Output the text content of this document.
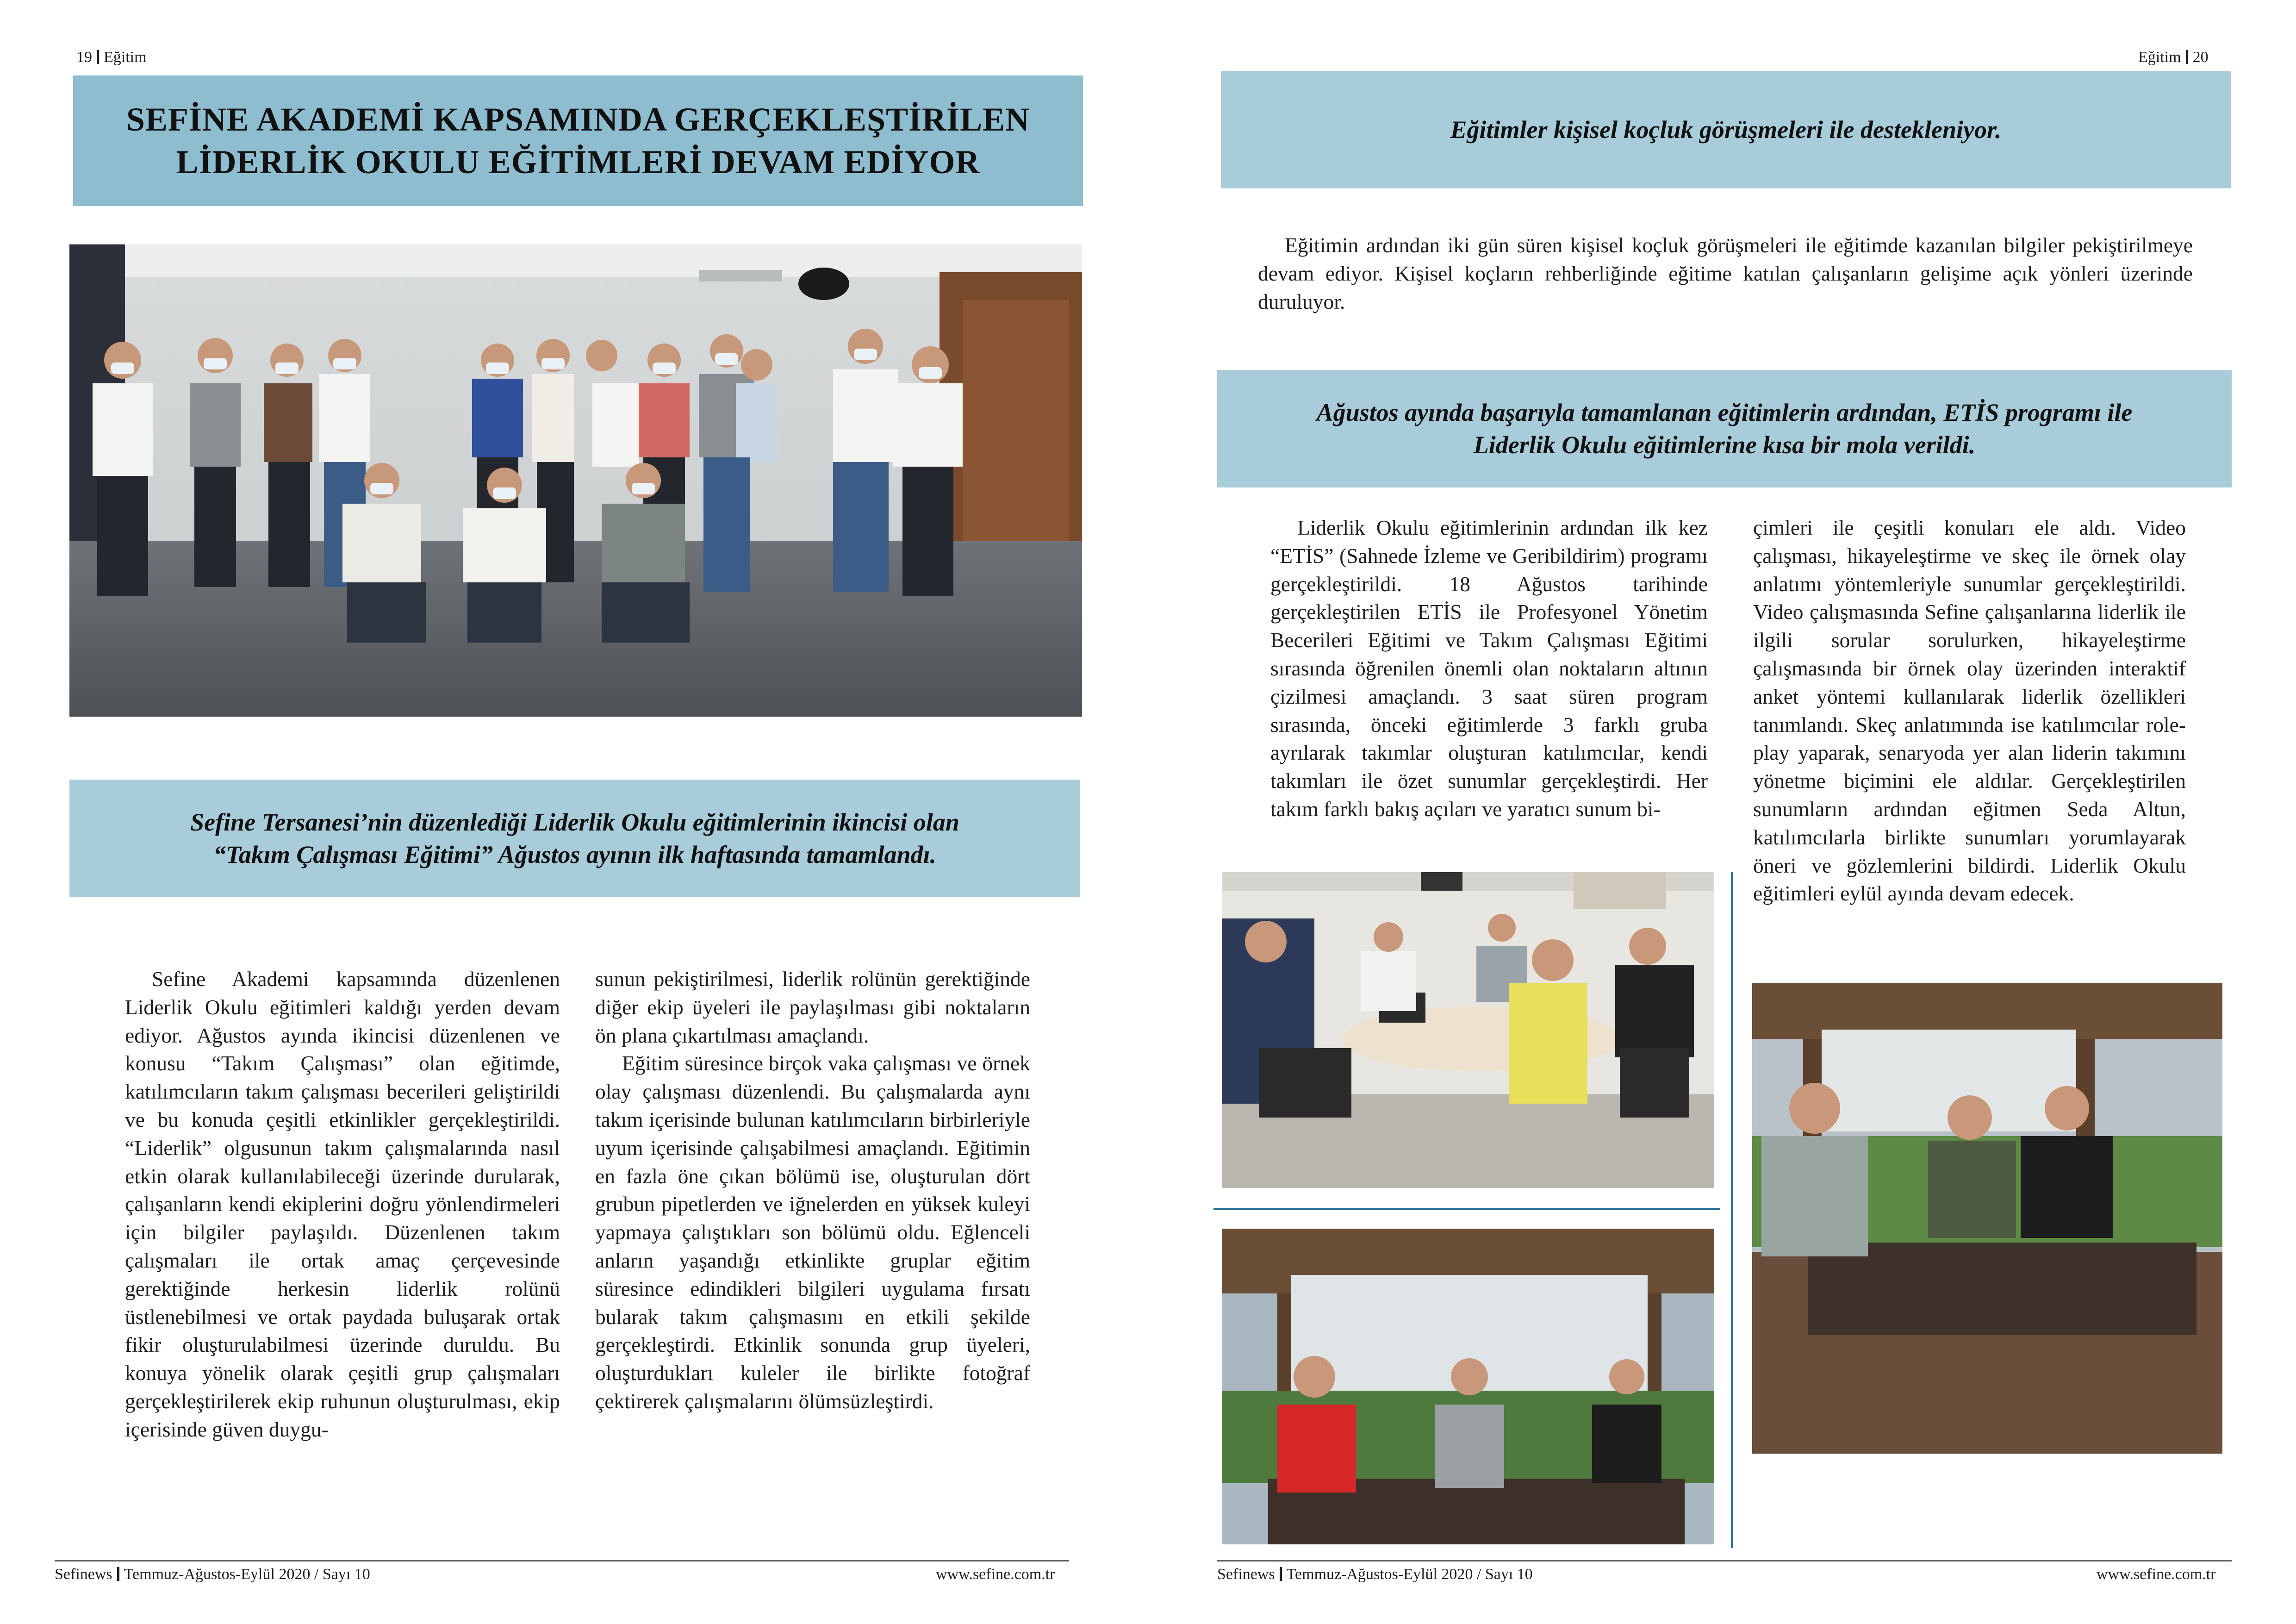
19 Eğitim
SEFİNE AKADEMİ KAPSAMINDA GERÇEKLEŞTİRİLEN
LİDERLİK OKULU EĞİTİMLERİ DEVAM EDİYOR
Sefine Tersanesi’nin düzenlediği Liderlik Okulu eğitimlerinin ikincisi olan
“Takım Çalışması Eğitimi” Ağustos ayının ilk haftasında tamamlandı.

Sefine Akademi kapsamında düzenlenen Liderlik Okulu eğitimleri kaldığı yerden devam ediyor. Ağustos ayında ikincisi düzenlenen ve konusu “Takım Çalışması” olan eğitimde, katılımcıların takım çalışması becerileri geliştirildi ve bu konuda çeşitli etkinlikler gerçekleştirildi. “Liderlik” olgusunun takım çalışmalarında nasıl etkin olarak kullanılabileceği üzerinde durularak, çalışanların kendi ekiplerini doğru yönlendirmeleri için bilgiler paylaşıldı. Düzenlenen takım çalışmaları ile ortak amaç çerçevesinde gerektiğinde herkesin liderlik rolünü üstlenebilmesi ve ortak paydada buluşarak ortak fikir oluşturulabilmesi üzerinde duruldu. Bu konuya yönelik olarak çeşitli grup çalışmaları gerçekleştirilerek ekip ruhunun oluşturulması, ekip içerisinde güven duygu-

sunun pekiştirilmesi, liderlik rolünün gerektiğinde diğer ekip üyeleri ile paylaşılması gibi noktaların ön plana çıkartılması amaçlandı.

Eğitim süresince birçok vaka çalışması ve örnek olay çalışması düzenlendi. Bu çalışmalarda aynı takım içerisinde bulunan katılımcıların birbirleriyle uyum içerisinde çalışabilmesi amaçlandı. Eğitimin en fazla öne çıkan bölümü ise, oluşturulan dört grubun pipetlerden ve iğnelerden en yüksek kuleyi yapmaya çalıştıkları son bölümü oldu. Eğlenceli anların yaşandığı etkinlikte gruplar eğitim süresince edindikleri bilgileri uygulama fırsatı bularak takım çalışmasını en etkili şekilde gerçekleştirdi. Etkinlik sonunda grup üyeleri, oluşturdukları kuleler ile birlikte fotoğraf çektirerek çalışmalarını ölümsüzleştirdi.

Sefinews Temmuz-Ağustos-Eylül 2020 / Sayı 10	www.sefine.com.tr
Eğitim 20
Eğitimler kişisel koçluk görüşmeleri ile destekleniyor.

Eğitimin ardından iki gün süren kişisel koçluk görüşmeleri ile eğitimde kazanılan bilgiler pekiştirilmeye devam ediyor. Kişisel koçların rehberliğinde eğitime katılan çalışanların gelişime açık yönleri üzerinde duruluyor.

Ağustos ayında başarıyla tamamlanan eğitimlerin ardından, ETİS programı ile
Liderlik Okulu eğitimlerine kısa bir mola verildi.

Liderlik Okulu eğitimlerinin ardından ilk kez “ETİS” (Sahnede İzleme ve Geribildirim) programı gerçekleştirildi. 18 Ağustos tarihinde gerçekleştirilen ETİS ile Profesyonel Yönetim Becerileri Eğitimi ve Takım Çalışması Eğitimi sırasında öğrenilen önemli olan noktaların altının çizilmesi amaçlandı. 3 saat süren program sırasında, önceki eğitimlerde 3 farklı gruba ayrılarak takımlar oluşturan katılımcılar, kendi takımları ile özet sunumlar gerçekleştirdi. Her takım farklı bakış açıları ve yaratıcı sunum bi-

çimleri ile çeşitli konuları ele aldı. Video çalışması, hikayeleştirme ve skeç ile örnek olay anlatımı yöntemleriyle sunumlar gerçekleştirildi. Video çalışmasında Sefine çalışanlarına liderlik ile ilgili sorular sorulurken, hikayeleştirme çalışmasında bir örnek olay üzerinden interaktif anket yöntemi kullanılarak liderlik özellikleri tanımlandı. Skeç anlatımında ise katılımcılar role-play yaparak, senaryoda yer alan liderin takımını yönetme biçimini ele aldılar. Gerçekleştirilen sunumların ardından eğitmen Seda Altun, katılımcılarla birlikte sunumları yorumlayarak öneri ve gözlemlerini bildirdi. Liderlik Okulu eğitimleri eylül ayında devam edecek.

Sefinews Temmuz-Ağustos-Eylül 2020 / Sayı 10	www.sefine.com.tr
